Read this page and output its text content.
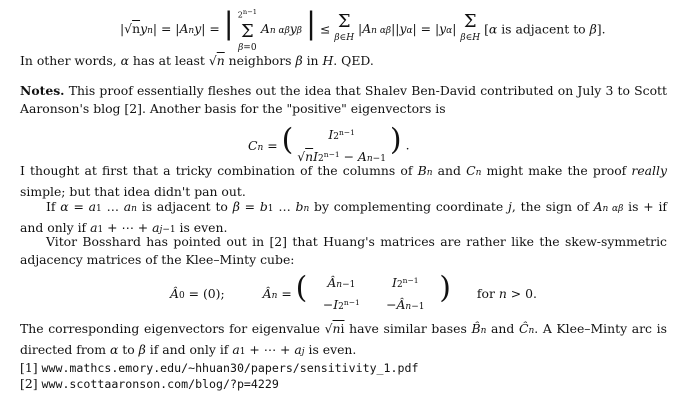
|√nyn| = |Any| = | $2^{n-1}$
Σ
β=0
An αβyβ | ≤ Σ
β∈H
|An αβ||yα| = |yα| Σ
β∈H
[α is adjacent to β].

In other words, α has at least √n neighbors β in H. QED.

Notes. This proof essentially fleshes out the idea that Shalev Ben-David contributed on July 3 to Scott Aaronson's blog [2]. Another basis for the "positive" eigenvectors is

Cn = (	$I2^{n-1}$
$√nI2^{n-1} - An-1$
) .

I thought at first that a tricky combination of the columns of Bn and Cn might make the proof really simple; but that idea didn't pan out.

If α = a1 … an is adjacent to β = b1 … bn by complementing coordinate j, the sign of An αβ is + if and only if a1 + ⋯ + aj−1 is even.

Vitor Bosshard has pointed out in [2] that Huang's matrices are rather like the skew-symmetric adjacency matrices of the Klee–Minty cube:

Â0 = (0);	Ân = (	Ân−1	$I2^{n-1}$
$-I2^{n-1}$ −Ân−1
) for n > 0.

The corresponding eigenvectors for eigenvalue √ni have similar bases B̂n and Ĉn. A Klee–Minty arc is directed from α to β if and only if a1 + ⋯ + aj is even.

[1] www.mathcs.emory.edu/~hhuan30/papers/sensitivity_1.pdf
[2] www.scottaaronson.com/blog/?p=4229
